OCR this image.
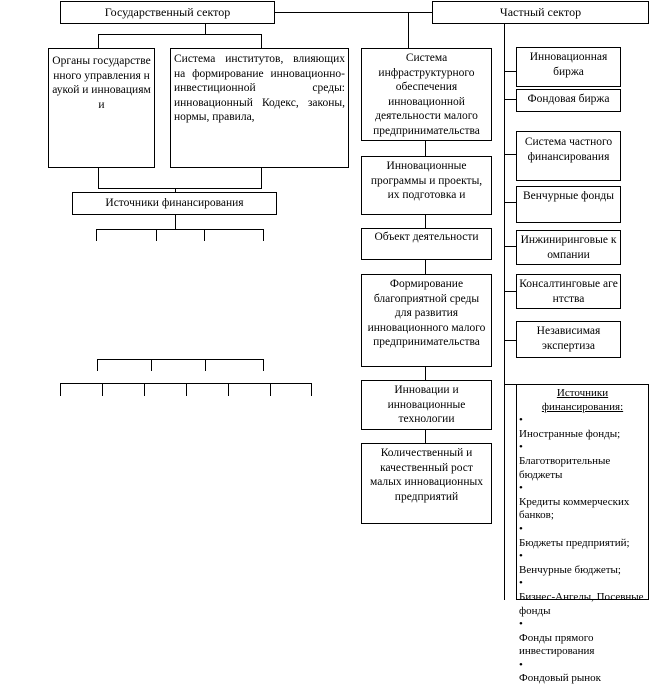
Государственный сектор	Частный сектор
Органы государственного управления наукой и инновациями
Система институтов, влияющих на формирование инновационно-инвестиционной среды: инновационный Кодекс, законы, нормы, правила,
Источники финансирования
Система инфраструктурного обеспечения инновационной деятельности малого предпринимательства
Инновационные программы и проекты, их подготовка и
Объект деятельности
Формирование благоприятной среды для развития инновационного малого предпринимательства
Инновации и инновационные технологии
Количественный и качественный рост малых инновационных предприятий
Инновационная биржа
Фондовая биржа
Система частного финансирования
Венчурные фонды
Инжиниринговые компании
Консалтинговые агентства
Независимая экспертиза
Источники финансирования:
•
Иностранные фонды;
•
Благотворительные бюджеты
•
Кредиты коммерческих банков;
•
Бюджеты предприятий;
•
Венчурные бюджеты;
•
Бизнес-Ангелы, Посевные фонды
•
Фонды прямого инвестирования
•
Фондовый рынок
